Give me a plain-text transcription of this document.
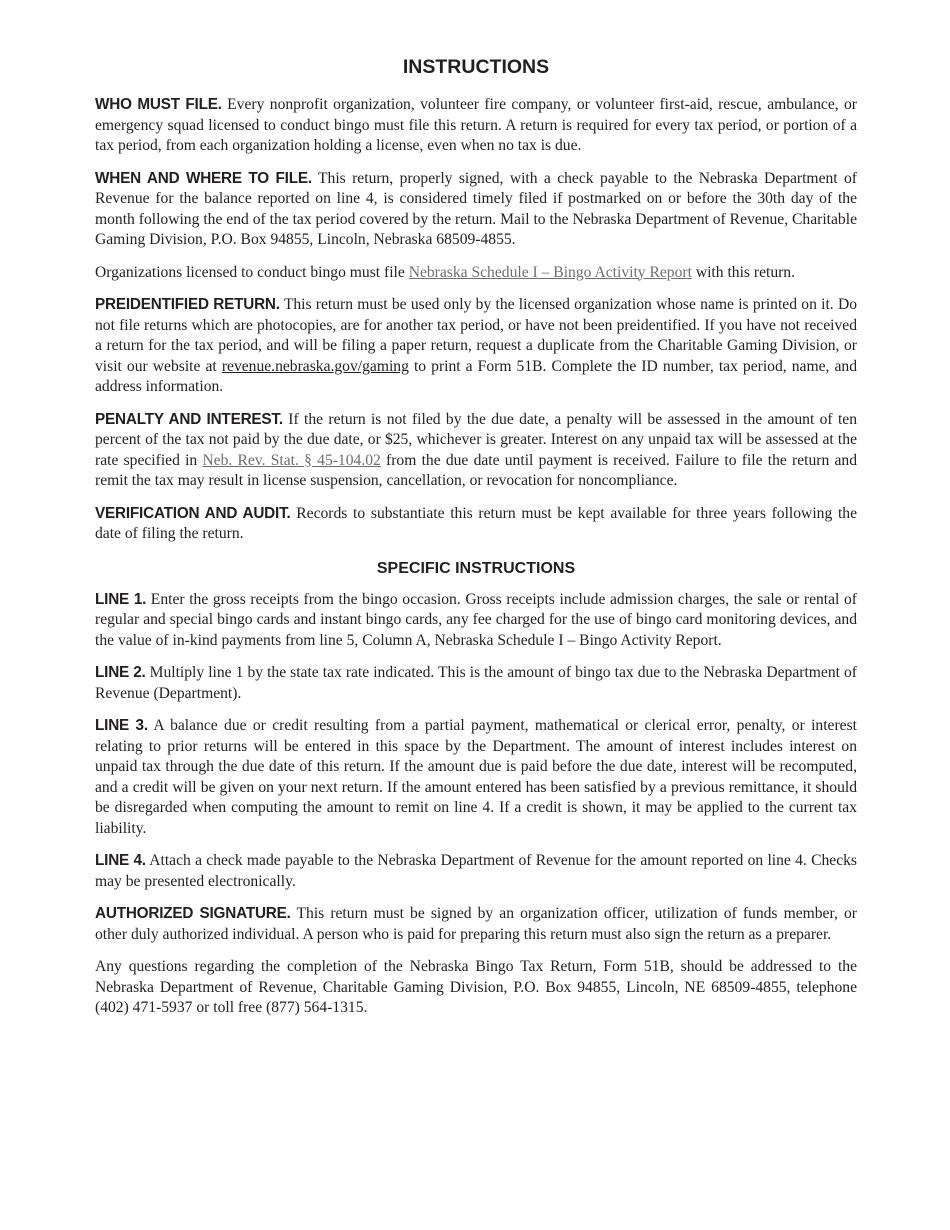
INSTRUCTIONS

WHO MUST FILE. Every nonprofit organization, volunteer fire company, or volunteer first-aid, rescue, ambulance, or emergency squad licensed to conduct bingo must file this return. A return is required for every tax period, or portion of a tax period, from each organization holding a license, even when no tax is due.

WHEN AND WHERE TO FILE. This return, properly signed, with a check payable to the Nebraska Department of Revenue for the balance reported on line 4, is considered timely filed if postmarked on or before the 30th day of the month following the end of the tax period covered by the return. Mail to the Nebraska Department of Revenue, Charitable Gaming Division, P.O. Box 94855, Lincoln, Nebraska 68509-4855.

Organizations licensed to conduct bingo must file Nebraska Schedule I – Bingo Activity Report with this return.

PREIDENTIFIED RETURN. This return must be used only by the licensed organization whose name is printed on it. Do not file returns which are photocopies, are for another tax period, or have not been preidentified. If you have not received a return for the tax period, and will be filing a paper return, request a duplicate from the Charitable Gaming Division, or visit our website at revenue.nebraska.gov/gaming to print a Form 51B. Complete the ID number, tax period, name, and address information.

PENALTY AND INTEREST. If the return is not filed by the due date, a penalty will be assessed in the amount of ten percent of the tax not paid by the due date, or $25, whichever is greater. Interest on any unpaid tax will be assessed at the rate specified in Neb. Rev. Stat. § 45-104.02 from the due date until payment is received. Failure to file the return and remit the tax may result in license suspension, cancellation, or revocation for noncompliance.

VERIFICATION AND AUDIT. Records to substantiate this return must be kept available for three years following the date of filing the return.

SPECIFIC INSTRUCTIONS

LINE 1. Enter the gross receipts from the bingo occasion. Gross receipts include admission charges, the sale or rental of regular and special bingo cards and instant bingo cards, any fee charged for the use of bingo card monitoring devices, and the value of in-kind payments from line 5, Column A, Nebraska Schedule I – Bingo Activity Report.

LINE 2. Multiply line 1 by the state tax rate indicated. This is the amount of bingo tax due to the Nebraska Department of Revenue (Department).

LINE 3. A balance due or credit resulting from a partial payment, mathematical or clerical error, penalty, or interest relating to prior returns will be entered in this space by the Department. The amount of interest includes interest on unpaid tax through the due date of this return. If the amount due is paid before the due date, interest will be recomputed, and a credit will be given on your next return. If the amount entered has been satisfied by a previous remittance, it should be disregarded when computing the amount to remit on line 4. If a credit is shown, it may be applied to the current tax liability.

LINE 4. Attach a check made payable to the Nebraska Department of Revenue for the amount reported on line 4. Checks may be presented electronically.

AUTHORIZED SIGNATURE. This return must be signed by an organization officer, utilization of funds member, or other duly authorized individual. A person who is paid for preparing this return must also sign the return as a preparer.

Any questions regarding the completion of the Nebraska Bingo Tax Return, Form 51B, should be addressed to the Nebraska Department of Revenue, Charitable Gaming Division, P.O. Box 94855, Lincoln, NE 68509-4855, telephone (402) 471-5937 or toll free (877) 564-1315.
